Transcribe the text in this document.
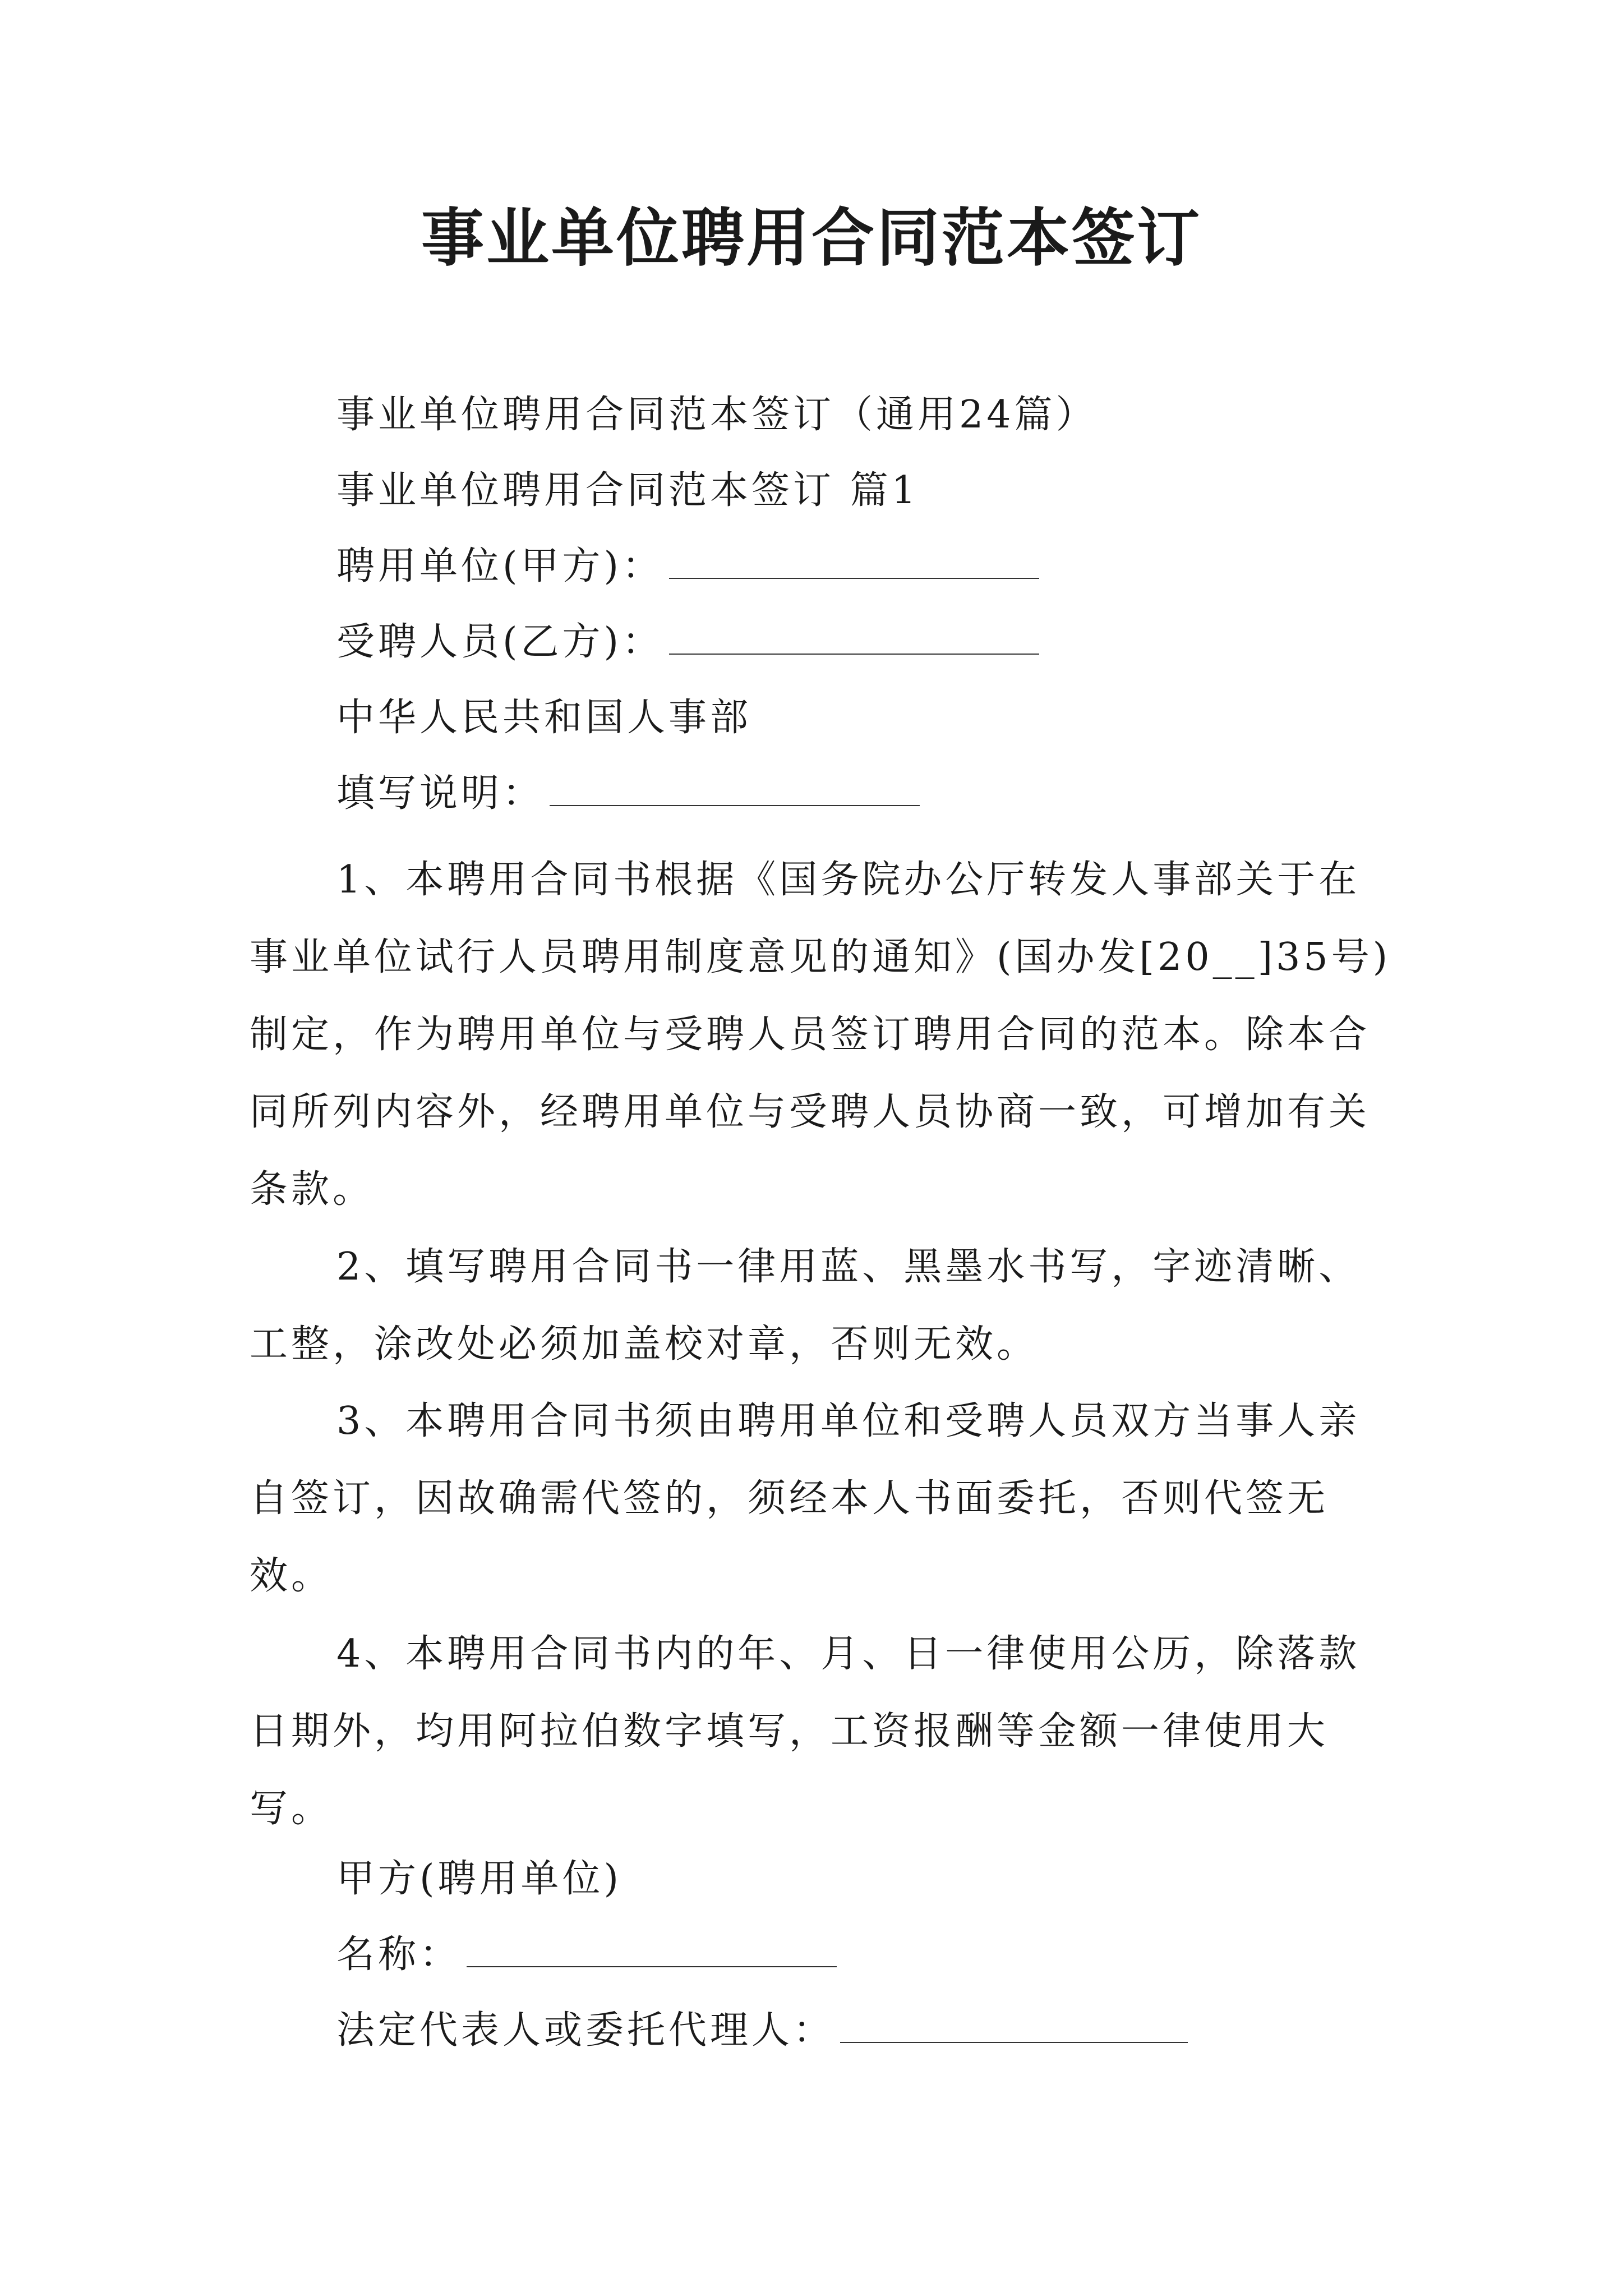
事业单位聘用合同范本签订
事业单位聘用合同范本签订（通用24篇）
事业单位聘用合同范本签订 篇1
聘用单位(甲方)：
受聘人员(乙方)：
中华人民共和国人事部
填写说明：
1、本聘用合同书根据《国务院办公厅转发人事部关于在事业单位试行人员聘用制度意见的通知》(国办发[20__]35号)制定，作为聘用单位与受聘人员签订聘用合同的范本。除本合同所列内容外，经聘用单位与受聘人员协商一致，可增加有关条款。
2、填写聘用合同书一律用蓝、黑墨水书写，字迹清晰、工整，涂改处必须加盖校对章，否则无效。
3、本聘用合同书须由聘用单位和受聘人员双方当事人亲自签订，因故确需代签的，须经本人书面委托，否则代签无效。
4、本聘用合同书内的年、月、日一律使用公历，除落款日期外，均用阿拉伯数字填写，工资报酬等金额一律使用大写。
甲方(聘用单位)
名称：
法定代表人或委托代理人：
